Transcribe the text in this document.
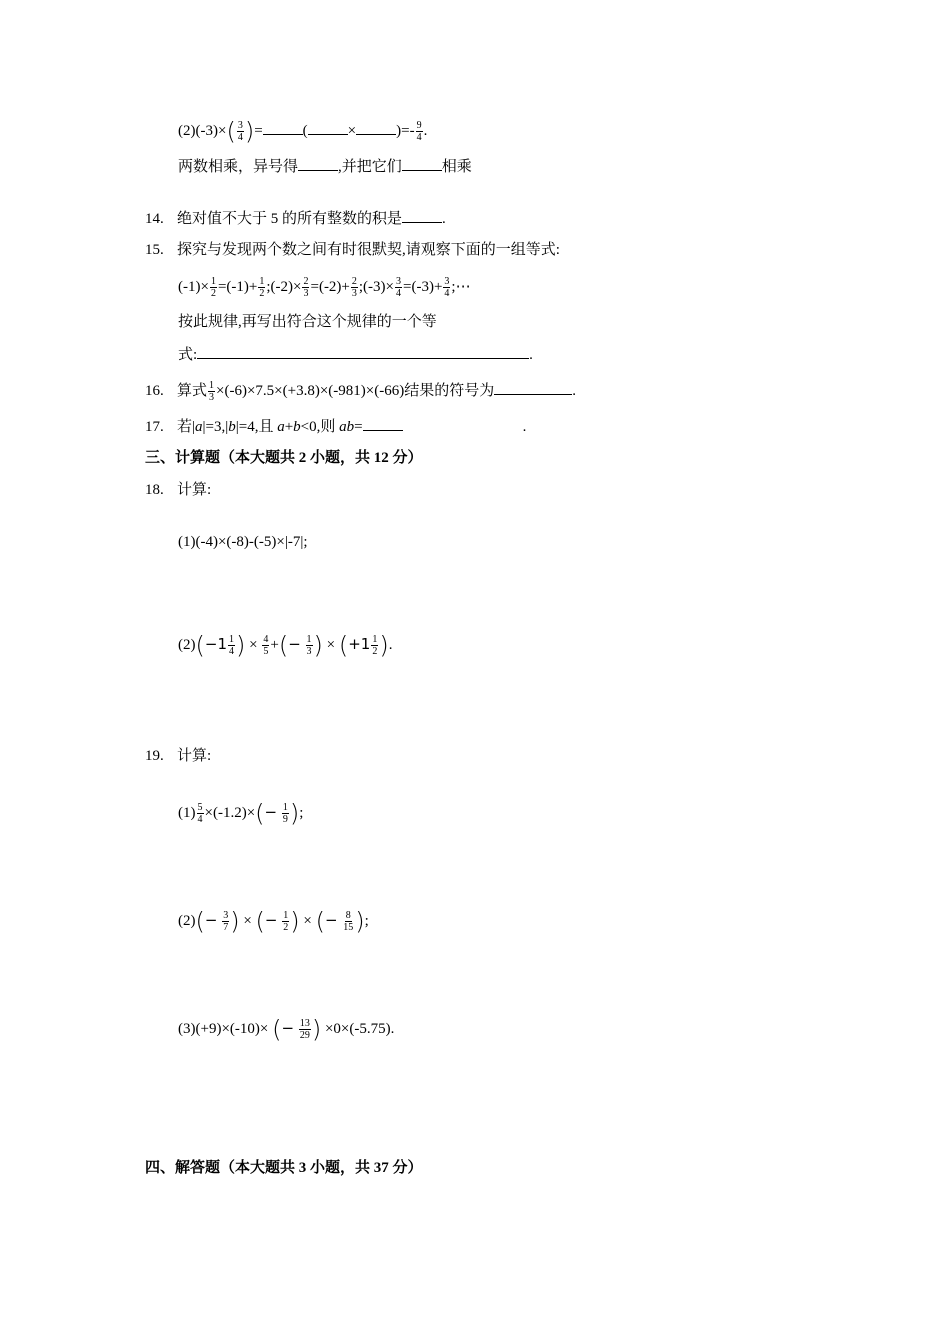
$(2)(-3)\times( \frac{3}{4}$ )=	(	×	)=- $\frac{9}{4}$ .
两数相乘，异号得	,并把它们	相乘
14. 绝对值不大于 5 的所有整数的积是	.
15. 探究与发现两个数之间有时很默契,请观察下面的一组等式:
$(-1)\times \frac{1}{2} =(-1)+ \frac{1}{2}$ ;(-2)× $\frac{2}{3} =(-2)+ \frac{2}{3}$ ;(-3)× $\frac{3}{4} =(-3)+ \frac{3}{4}$ ;⋯
按此规律,再写出符合这个规律的一个等
式:	.
16. 算式 $\frac{1}{3} \times(-6)\times 7.5\times(+3.8)\times(-981)\times(-66)$结果的符号为	.
17. 若|a|=3,|b|=4,且 a+b<0,则 ab=	.
三、计算题（本大题共 2 小题，共 12 分）
18. 计算:
(1)(-4)×(-8)-(-5)×|-7|;
$(2)(-1 \frac{1}{4}$ ) × $\frac{4}{5}$ +(− $\frac{1}{3}$ ) × ($+1 \frac{1}{2}$ ).
19. 计算:
$(1) \frac{5}{4} \times(-1.2)\times(- \frac{1}{9}$ );
$(2)(- \frac{3}{7}$ ) × (− $\frac{1}{2}$ ) × (− $\frac{8}{15}$ );
(3)(+9)×(-10)× (− $\frac{13}{29}$ ) ×0×(-5.75).
四、解答题（本大题共 3 小题，共 37 分）
